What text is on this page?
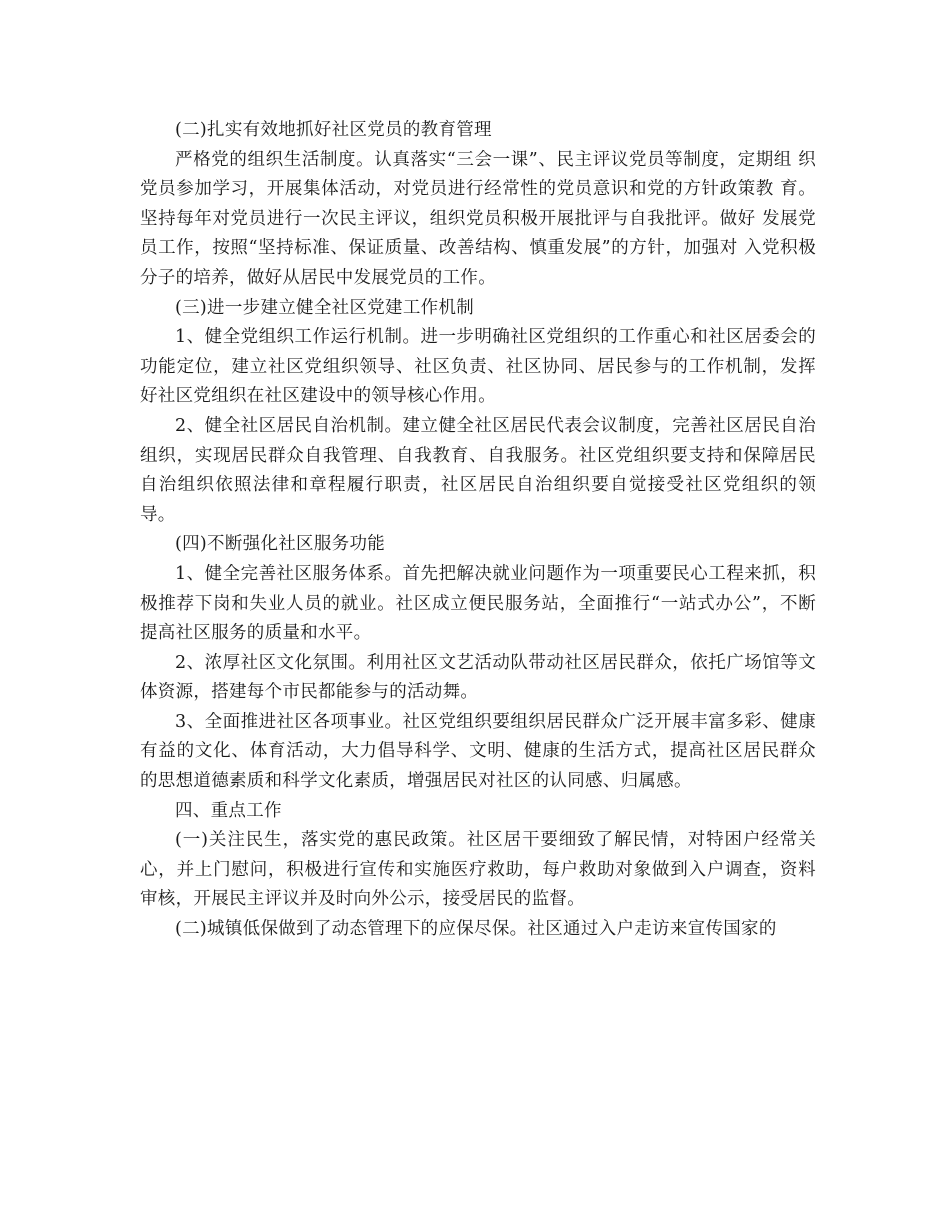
(二)扎实有效地抓好社区党员的教育管理

严格党的组织生活制度。认真落实“三会一课”、民主评议党员等制度，定期组 织党员参加学习，开展集体活动，对党员进行经常性的党员意识和党的方针政策教 育。坚持每年对党员进行一次民主评议，组织党员积极开展批评与自我批评。做好 发展党员工作，按照“坚持标准、保证质量、改善结构、慎重发展”的方针，加强对 入党积极分子的培养，做好从居民中发展党员的工作。

(三)进一步建立健全社区党建工作机制

1、健全党组织工作运行机制。进一步明确社区党组织的工作重心和社区居委会的功能定位，建立社区党组织领导、社区负责、社区协同、居民参与的工作机制，发挥好社区党组织在社区建设中的领导核心作用。

2、健全社区居民自治机制。建立健全社区居民代表会议制度，完善社区居民自治组织，实现居民群众自我管理、自我教育、自我服务。社区党组织要支持和保障居民自治组织依照法律和章程履行职责，社区居民自治组织要自觉接受社区党组织的领导。

(四)不断强化社区服务功能

1、健全完善社区服务体系。首先把解决就业问题作为一项重要民心工程来抓，积极推荐下岗和失业人员的就业。社区成立便民服务站，全面推行“一站式办公”，不断提高社区服务的质量和水平。

2、浓厚社区文化氛围。利用社区文艺活动队带动社区居民群众，依托广场馆等文体资源，搭建每个市民都能参与的活动舞。

3、全面推进社区各项事业。社区党组织要组织居民群众广泛开展丰富多彩、健康有益的文化、体育活动，大力倡导科学、文明、健康的生活方式，提高社区居民群众的思想道德素质和科学文化素质，增强居民对社区的认同感、归属感。

四、重点工作

(一)关注民生，落实党的惠民政策。社区居干要细致了解民情，对特困户经常关心，并上门慰问，积极进行宣传和实施医疗救助，每户救助对象做到入户调查，资料审核，开展民主评议并及时向外公示，接受居民的监督。

(二)城镇低保做到了动态管理下的应保尽保。社区通过入户走访来宣传国家的
